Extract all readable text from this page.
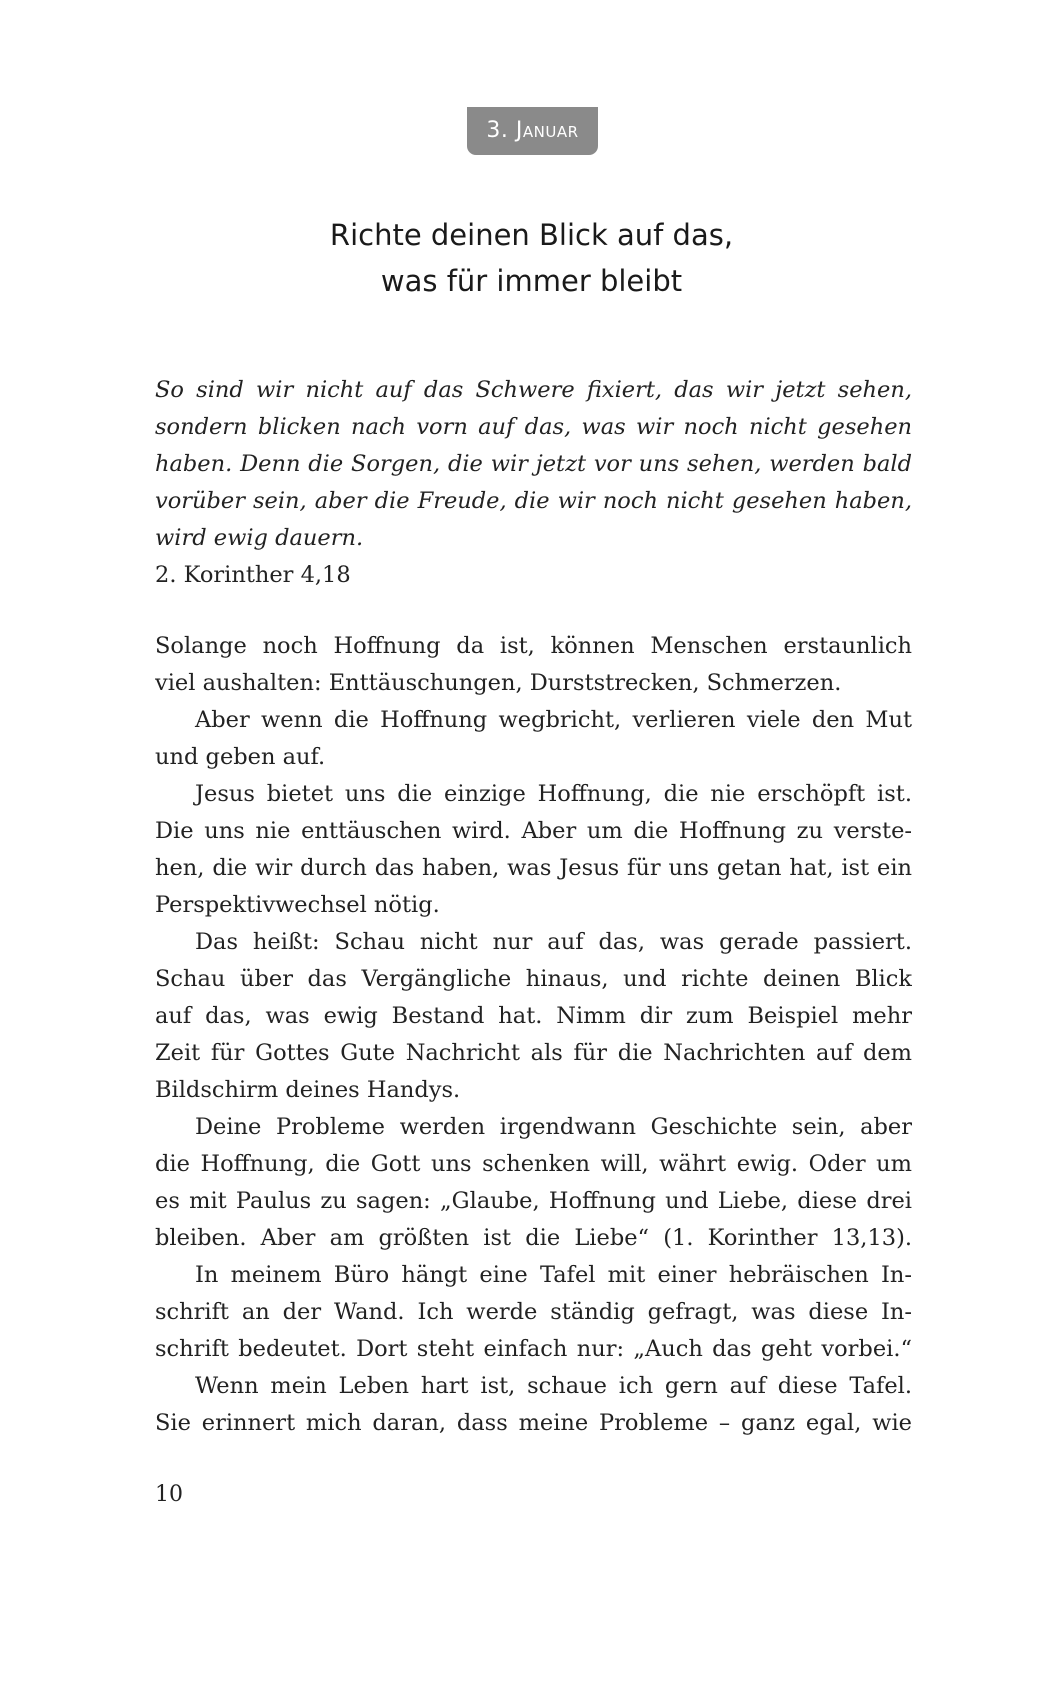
3. Januar
Richte deinen Blick auf das,
was für immer bleibt
So sind wir nicht auf das Schwere fixiert, das wir jetzt sehen,
sondern blicken nach vorn auf das, was wir noch nicht gesehen
haben. Denn die Sorgen, die wir jetzt vor uns sehen, werden bald
vorüber sein, aber die Freude, die wir noch nicht gesehen haben,
wird ewig dauern.
2. Korinther 4,18
Solange noch Hoffnung da ist, können Menschen erstaunlich
viel aushalten: Enttäuschungen, Durststrecken, Schmerzen.
Aber wenn die Hoffnung wegbricht, verlieren viele den Mut
und geben auf.
Jesus bietet uns die einzige Hoffnung, die nie erschöpft ist.
Die uns nie enttäuschen wird. Aber um die Hoffnung zu verste-
hen, die wir durch das haben, was Jesus für uns getan hat, ist ein
Perspektivwechsel nötig.
Das heißt: Schau nicht nur auf das, was gerade passiert.
Schau über das Vergängliche hinaus, und richte deinen Blick
auf das, was ewig Bestand hat. Nimm dir zum Beispiel mehr
Zeit für Gottes Gute Nachricht als für die Nachrichten auf dem
Bildschirm deines Handys.
Deine Probleme werden irgendwann Geschichte sein, aber
die Hoffnung, die Gott uns schenken will, währt ewig. Oder um
es mit Paulus zu sagen: „Glaube, Hoffnung und Liebe, diese drei
bleiben. Aber am größten ist die Liebe“ (1. Korinther 13,13).
In meinem Büro hängt eine Tafel mit einer hebräischen In-
schrift an der Wand. Ich werde ständig gefragt, was diese In-
schrift bedeutet. Dort steht einfach nur: „Auch das geht vorbei.“
Wenn mein Leben hart ist, schaue ich gern auf diese Tafel.
Sie erinnert mich daran, dass meine Probleme – ganz egal, wie
10
